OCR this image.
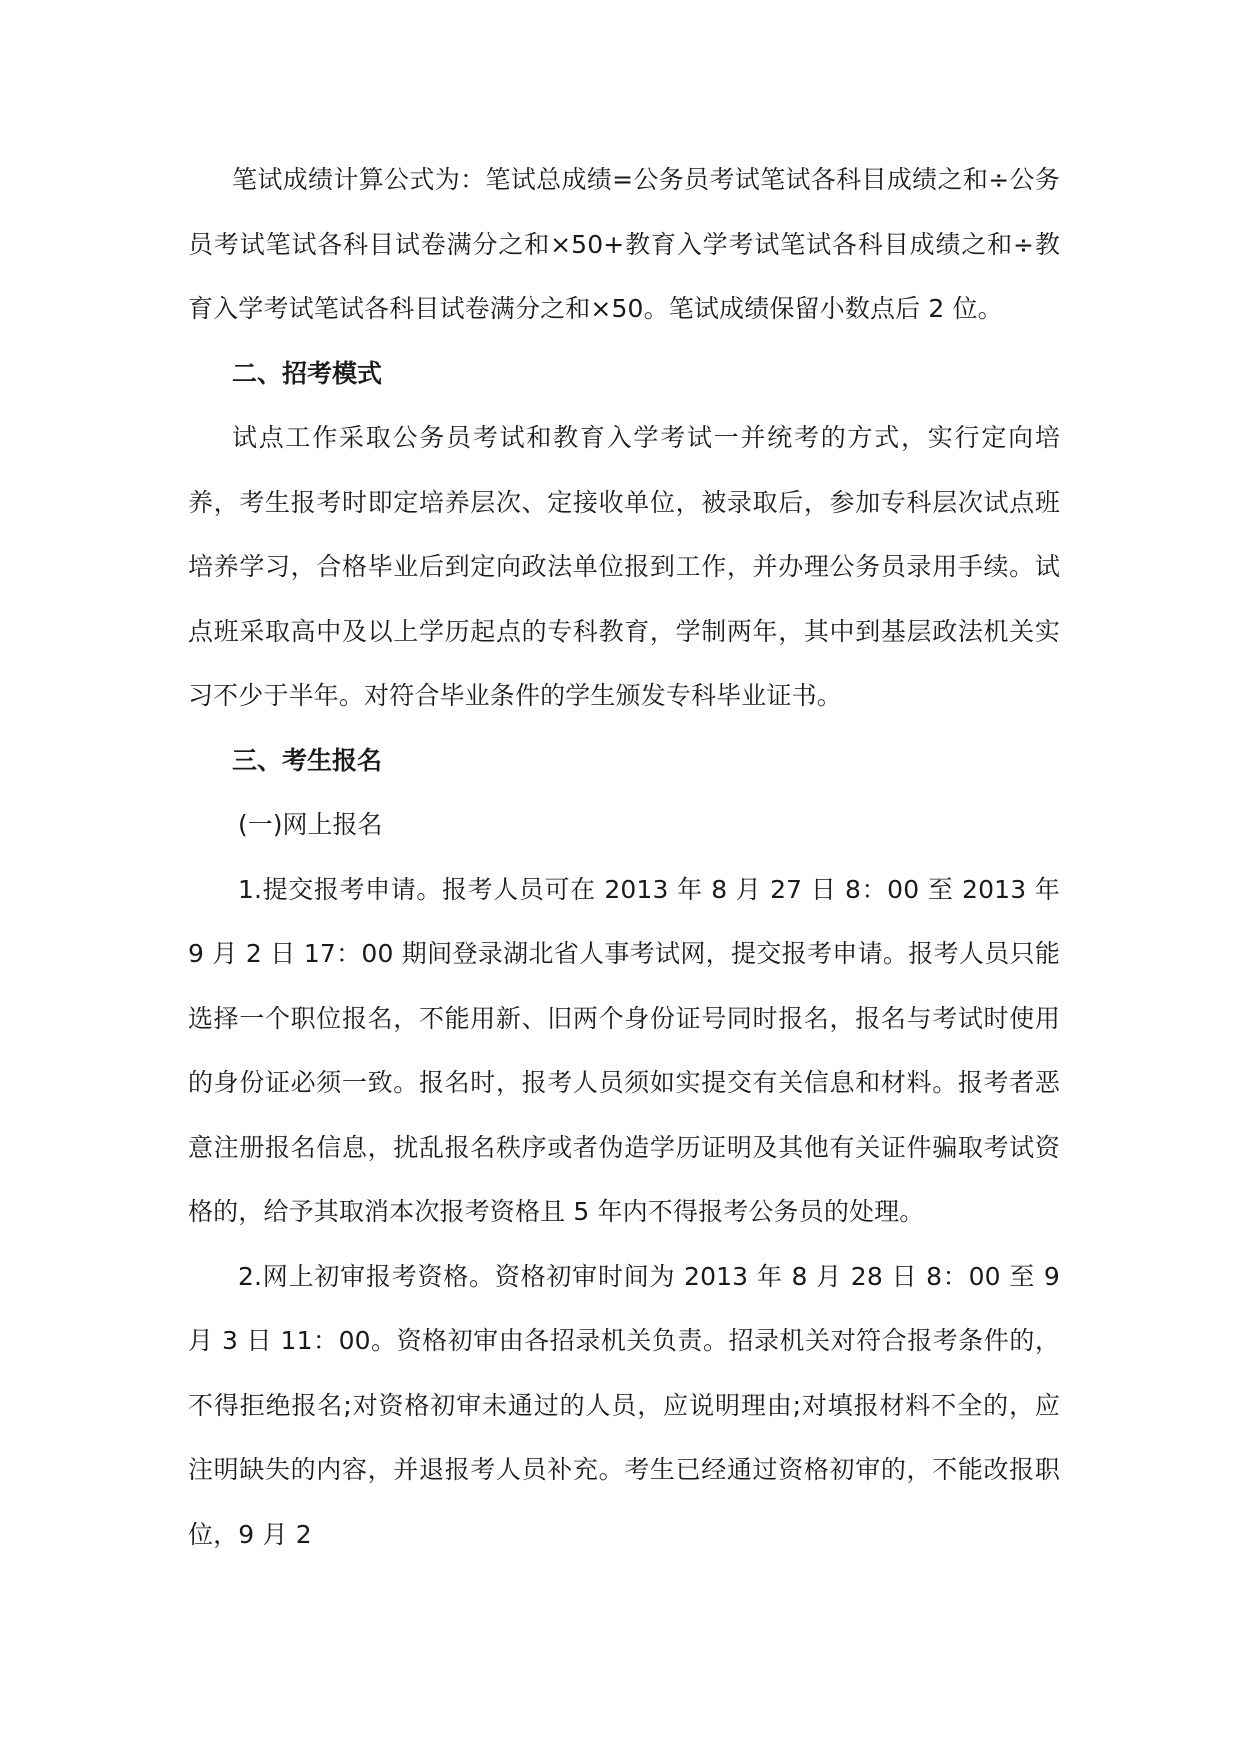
笔试成绩计算公式为：笔试总成绩=公务员考试笔试各科目成绩之和÷公务员考试笔试各科目试卷满分之和×50+教育入学考试笔试各科目成绩之和÷教育入学考试笔试各科目试卷满分之和×50。笔试成绩保留小数点后 2 位。

二、招考模式

试点工作采取公务员考试和教育入学考试一并统考的方式，实行定向培养，考生报考时即定培养层次、定接收单位，被录取后，参加专科层次试点班培养学习，合格毕业后到定向政法单位报到工作，并办理公务员录用手续。试点班采取高中及以上学历起点的专科教育，学制两年，其中到基层政法机关实习不少于半年。对符合毕业条件的学生颁发专科毕业证书。

三、考生报名

(一)网上报名

1.提交报考申请。报考人员可在 2013 年 8 月 27 日 8：00 至 2013 年 9 月 2 日 17：00 期间登录湖北省人事考试网，提交报考申请。报考人员只能选择一个职位报名，不能用新、旧两个身份证号同时报名，报名与考试时使用的身份证必须一致。报名时，报考人员须如实提交有关信息和材料。报考者恶意注册报名信息，扰乱报名秩序或者伪造学历证明及其他有关证件骗取考试资格的，给予其取消本次报考资格且 5 年内不得报考公务员的处理。

2.网上初审报考资格。资格初审时间为 2013 年 8 月 28 日 8：00 至 9 月 3 日 11：00。资格初审由各招录机关负责。招录机关对符合报考条件的，不得拒绝报名;对资格初审未通过的人员，应说明理由;对填报材料不全的，应注明缺失的内容，并退报考人员补充。考生已经通过资格初审的，不能改报职位，9 月 2
